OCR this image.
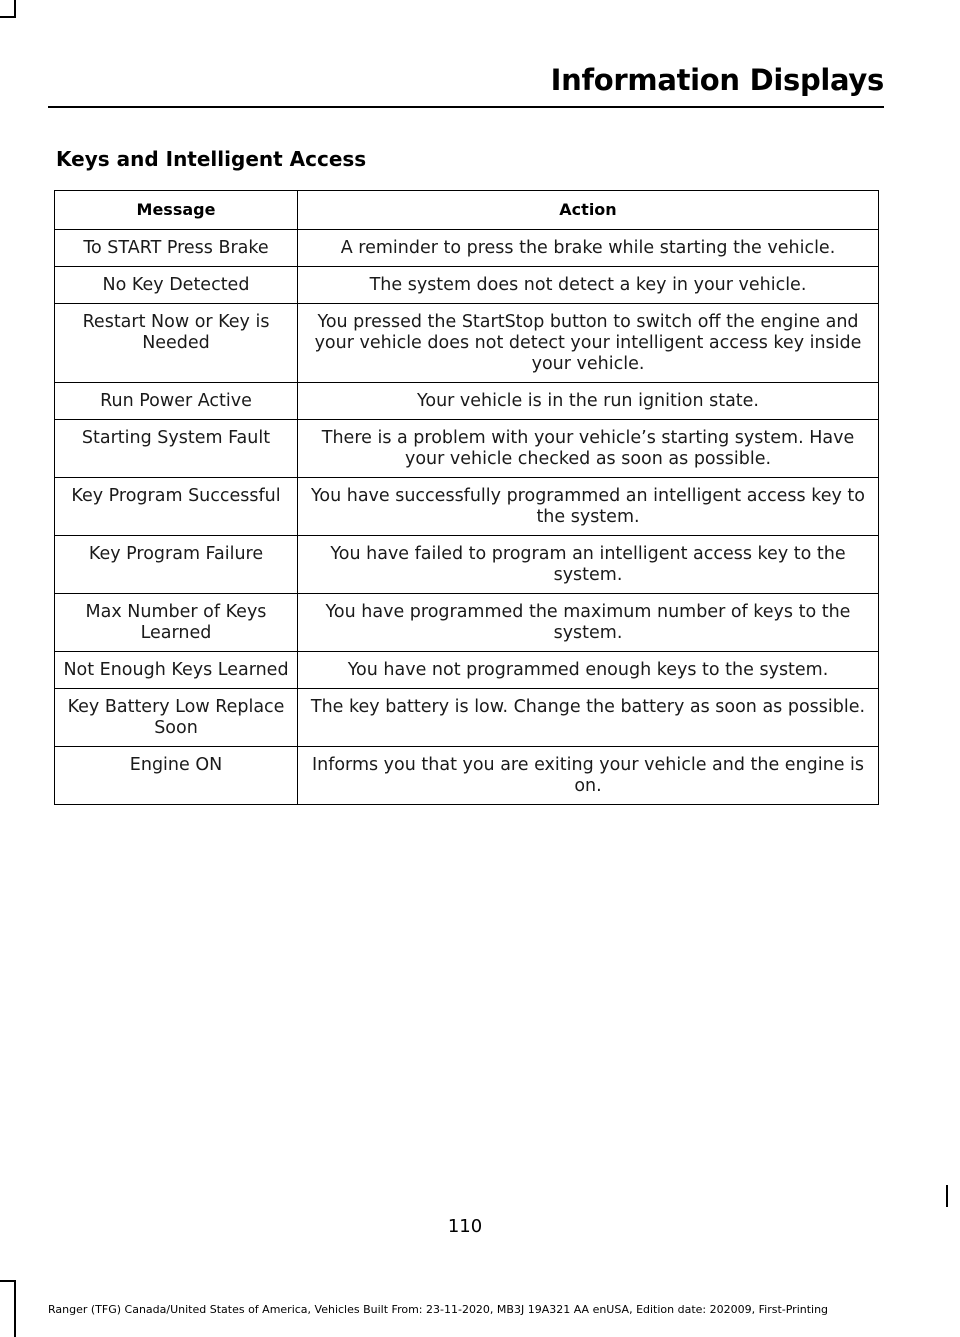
Information Displays
Keys and Intelligent Access
Message	Action
To START Press Brake	A reminder to press the brake while starting the vehicle.
No Key Detected	The system does not detect a key in your vehicle.
Restart Now or Key is Needed	You pressed the StartStop button to switch off the engine and your vehicle does not detect your intelligent access key inside your vehicle.
Run Power Active	Your vehicle is in the run ignition state.
Starting System Fault	There is a problem with your vehicle’s starting system. Have your vehicle checked as soon as possible.
Key Program Successful	You have successfully programmed an intelligent access key to the system.
Key Program Failure	You have failed to program an intelligent access key to the system.
Max Number of Keys Learned	You have programmed the maximum number of keys to the system.
Not Enough Keys Learned	You have not programmed enough keys to the system.
Key Battery Low Replace Soon	The key battery is low. Change the battery as soon as possible.
Engine ON	Informs you that you are exiting your vehicle and the engine is on.
110
Ranger (TFG) Canada/United States of America, Vehicles Built From: 23-11-2020, MB3J 19A321 AA enUSA, Edition date: 202009, First-Printing
